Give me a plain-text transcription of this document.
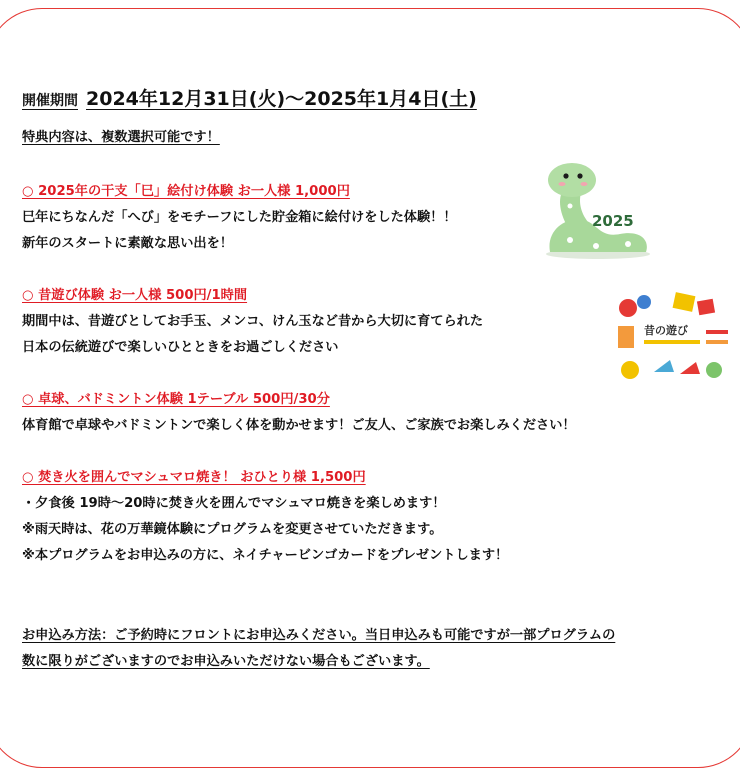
開催期間 2024年12月31日(火)～2025年1月4日(土)
特典内容は、複数選択可能です！
○ 2025年の干支「巳」絵付け体験 お一人様 1,000円
巳年にちなんだ「へび」をモチーフにした貯金箱に絵付けをした体験！！
新年のスタートに素敵な思い出を！
○ 昔遊び体験 お一人様 500円/1時間
期間中は、昔遊びとしてお手玉、メンコ、けん玉など昔から大切に育てられた
日本の伝統遊びで楽しいひとときをお過ごしください
○ 卓球、バドミントン体験 1テーブル 500円/30分
体育館で卓球やバドミントンで楽しく体を動かせます！ご友人、ご家族でお楽しみください！
○ 焚き火を囲んでマシュマロ焼き！ おひとり様 1,500円
・夕食後 19時～20時に焚き火を囲んでマシュマロ焼きを楽しめます！
※雨天時は、花の万華鏡体験にプログラムを変更させていただきます。
※本プログラムをお申込みの方に、ネイチャービンゴカードをプレゼントします！
お申込み方法：ご予約時にフロントにお申込みください。当日申込みも可能ですが一部プログラムの
数に限りがございますのでお申込みいただけない場合もございます。
2025
昔の遊び
